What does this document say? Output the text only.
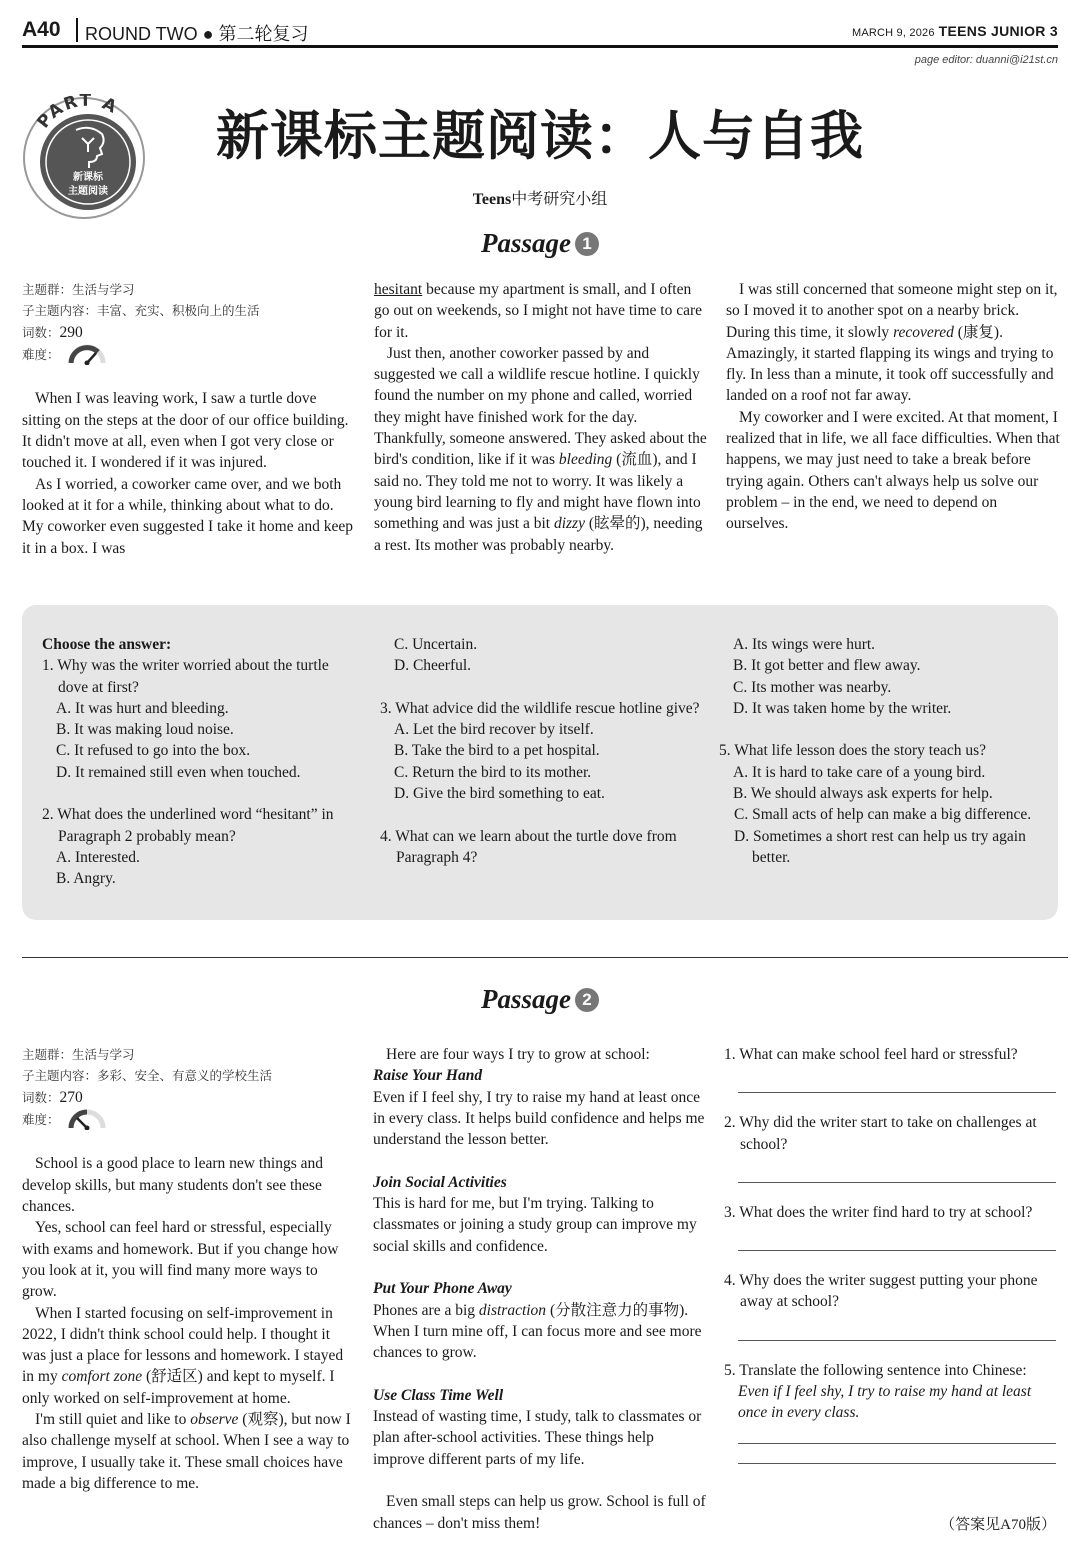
A40 ROUND TWO ● 第二轮复习	MARCH 9, 2026 TEENS JUNIOR 3
page editor: duanni@i21st.cn
PART A
新课标
主题阅读
新课标主题阅读：人与自我
Teens中考研究小组
Passage 1
主题群：生活与学习
子主题内容：丰富、充实、积极向上的生活
词数：290
难度：
When I was leaving work, I saw a turtle dove sitting on the steps at the door of our office building. It didn't move at all, even when I got very close or touched it. I wondered if it was injured.
As I worried, a coworker came over, and we both looked at it for a while, thinking about what to do. My coworker even suggested I take it home and keep it in a box. I was
hesitant because my apartment is small, and I often go out on weekends, so I might not have time to care for it.
Just then, another coworker passed by and suggested we call a wildlife rescue hotline. I quickly found the number on my phone and called, worried they might have finished work for the day. Thankfully, someone answered. They asked about the bird's condition, like if it was bleeding (流血), and I said no. They told me not to worry. It was likely a young bird learning to fly and might have flown into something and was just a bit dizzy (眩晕的), needing a rest. Its mother was probably nearby.
I was still concerned that someone might step on it, so I moved it to another spot on a nearby brick. During this time, it slowly recovered (康复). Amazingly, it started flapping its wings and trying to fly. In less than a minute, it took off successfully and landed on a roof not far away.
My coworker and I were excited. At that moment, I realized that in life, we all face difficulties. When that happens, we may just need to take a break before trying again. Others can't always help us solve our problem – in the end, we need to depend on ourselves.
Choose the answer:
1. Why was the writer worried about the turtle dove at first?
A. It was hurt and bleeding.
B. It was making loud noise.
C. It refused to go into the box.
D. It remained still even when touched.
2. What does the underlined word “hesitant” in Paragraph 2 probably mean?
A. Interested.
B. Angry.
C. Uncertain.
D. Cheerful.
3. What advice did the wildlife rescue hotline give?
A. Let the bird recover by itself.
B. Take the bird to a pet hospital.
C. Return the bird to its mother.
D. Give the bird something to eat.
4. What can we learn about the turtle dove from Paragraph 4?
A. Its wings were hurt.
B. It got better and flew away.
C. Its mother was nearby.
D. It was taken home by the writer.
5. What life lesson does the story teach us?
A. It is hard to take care of a young bird.
B. We should always ask experts for help.
C. Small acts of help can make a big difference.
D. Sometimes a short rest can help us try again better.
Passage 2
主题群：生活与学习
子主题内容：多彩、安全、有意义的学校生活
词数：270
难度：
School is a good place to learn new things and develop skills, but many students don't see these chances.
Yes, school can feel hard or stressful, especially with exams and homework. But if you change how you look at it, you will find many more ways to grow.
When I started focusing on self-improvement in 2022, I didn't think school could help. I thought it was just a place for lessons and homework. I stayed in my comfort zone (舒适区) and kept to myself. I only worked on self-improvement at home.
I'm still quiet and like to observe (观察), but now I also challenge myself at school. When I see a way to improve, I usually take it. These small choices have made a big difference to me.
Here are four ways I try to grow at school:
Raise Your Hand
Even if I feel shy, I try to raise my hand at least once in every class. It helps build confidence and helps me understand the lesson better.
Join Social Activities
This is hard for me, but I'm trying. Talking to classmates or joining a study group can improve my social skills and confidence.
Put Your Phone Away
Phones are a big distraction (分散注意力的事物). When I turn mine off, I can focus more and see more chances to grow.
Use Class Time Well
Instead of wasting time, I study, talk to classmates or plan after-school activities. These things help improve different parts of my life.
Even small steps can help us grow. School is full of chances – don't miss them!
1. What can make school feel hard or stressful?
2. Why did the writer start to take on challenges at school?
3. What does the writer find hard to try at school?
4. Why does the writer suggest putting your phone away at school?
5. Translate the following sentence into Chinese:
Even if I feel shy, I try to raise my hand at least once in every class.
（答案见A70版）
